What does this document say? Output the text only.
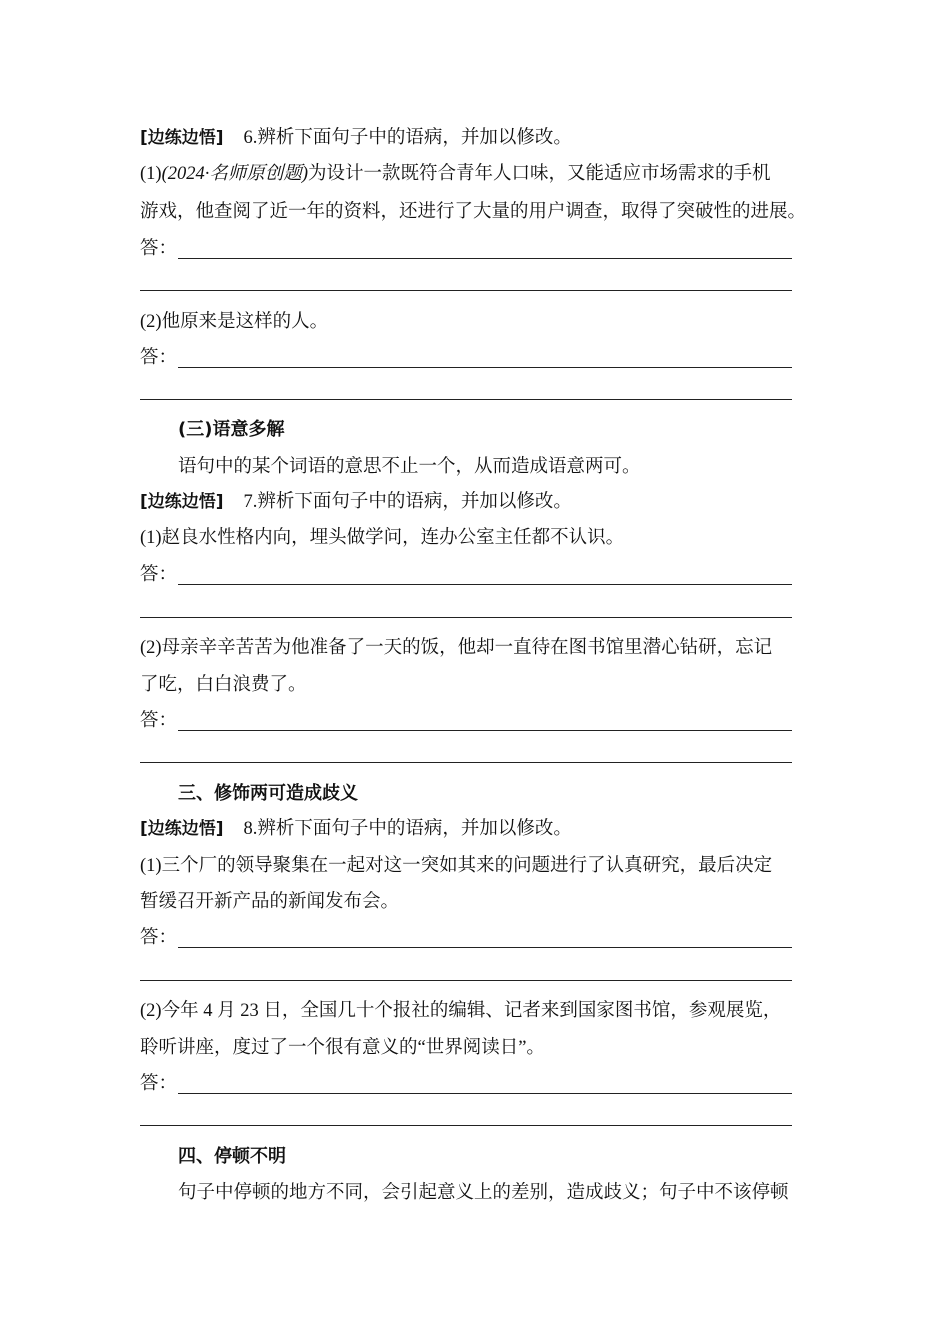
[边练边悟] 6.辨析下面句子中的语病，并加以修改。
(1)(2024·名师原创题)为设计一款既符合青年人口味，又能适应市场需求的手机
游戏，他查阅了近一年的资料，还进行了大量的用户调查，取得了突破性的进展。
答：
(2)他原来是这样的人。
答：
(三)语意多解
语句中的某个词语的意思不止一个，从而造成语意两可。
[边练边悟] 7.辨析下面句子中的语病，并加以修改。
(1)赵良水性格内向，埋头做学问，连办公室主任都不认识。
答：
(2)母亲辛辛苦苦为他准备了一天的饭，他却一直待在图书馆里潜心钻研，忘记
了吃，白白浪费了。
答：
三、修饰两可造成歧义
[边练边悟] 8.辨析下面句子中的语病，并加以修改。
(1)三个厂的领导聚集在一起对这一突如其来的问题进行了认真研究，最后决定
暂缓召开新产品的新闻发布会。
答：
(2)今年 4 月 23 日，全国几十个报社的编辑、记者来到国家图书馆，参观展览，
聆听讲座，度过了一个很有意义的“世界阅读日”。
答：
四、停顿不明
句子中停顿的地方不同，会引起意义上的差别，造成歧义；句子中不该停顿
